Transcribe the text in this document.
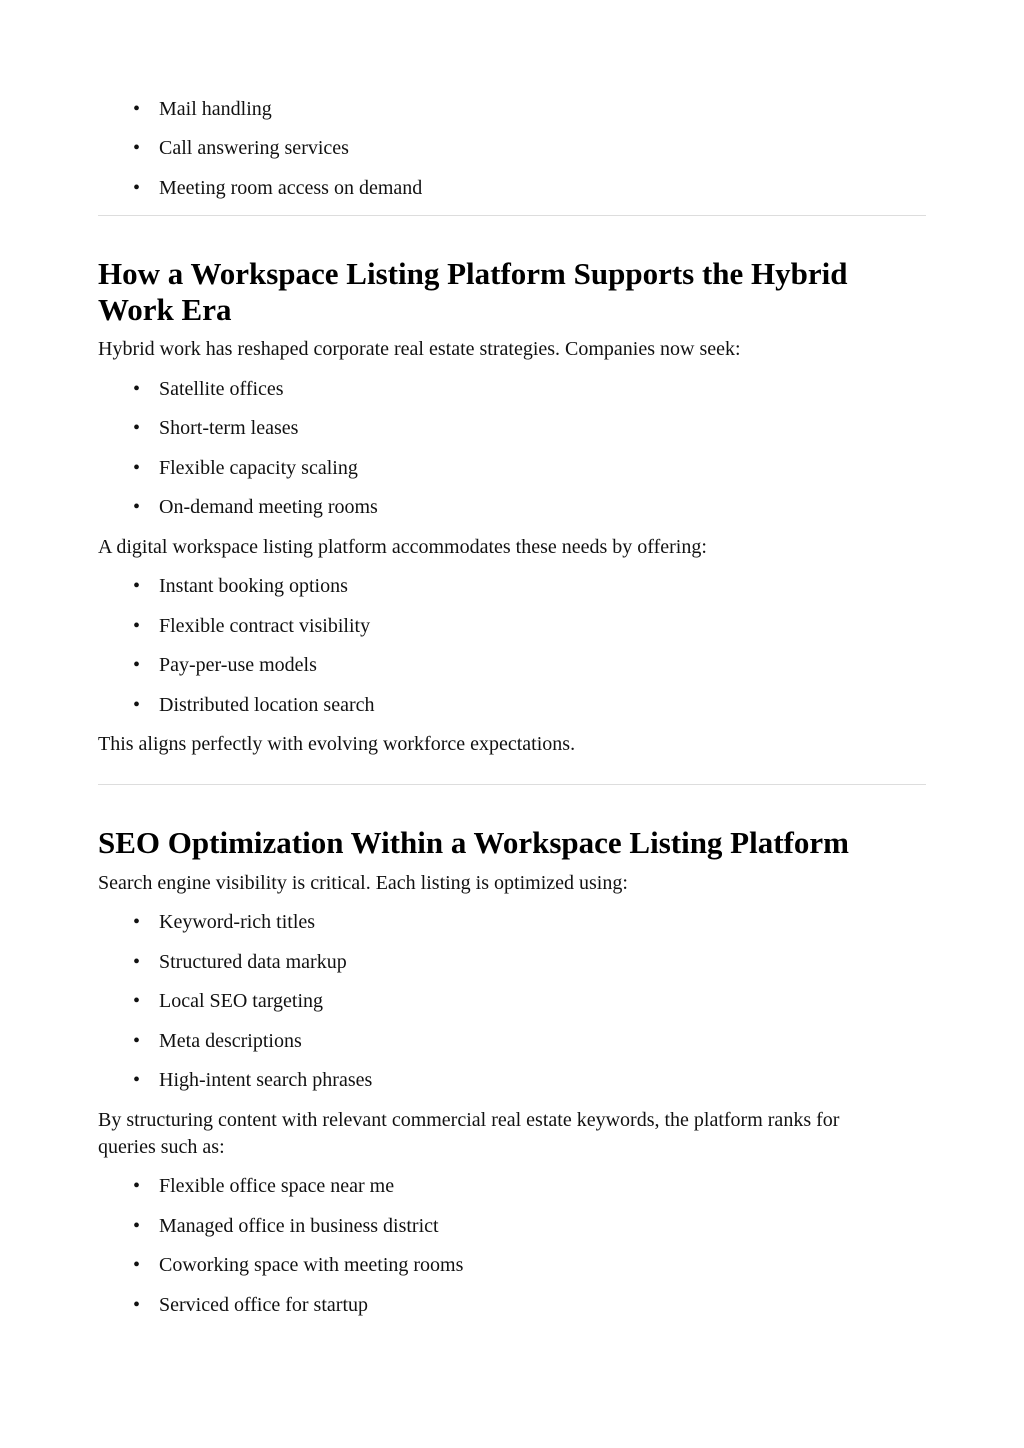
• Mail handling
• Call answering services
• Meeting room access on demand
How a Workspace Listing Platform Supports the Hybrid Work Era

Hybrid work has reshaped corporate real estate strategies. Companies now seek:

• Satellite offices
• Short-term leases
• Flexible capacity scaling
• On-demand meeting rooms

A digital workspace listing platform accommodates these needs by offering:

• Instant booking options
• Flexible contract visibility
• Pay-per-use models
• Distributed location search

This aligns perfectly with evolving workforce expectations.

SEO Optimization Within a Workspace Listing Platform

Search engine visibility is critical. Each listing is optimized using:

• Keyword-rich titles
• Structured data markup
• Local SEO targeting
• Meta descriptions
• High-intent search phrases

By structuring content with relevant commercial real estate keywords, the platform ranks for queries such as:

• Flexible office space near me
• Managed office in business district
• Coworking space with meeting rooms
• Serviced office for startup
